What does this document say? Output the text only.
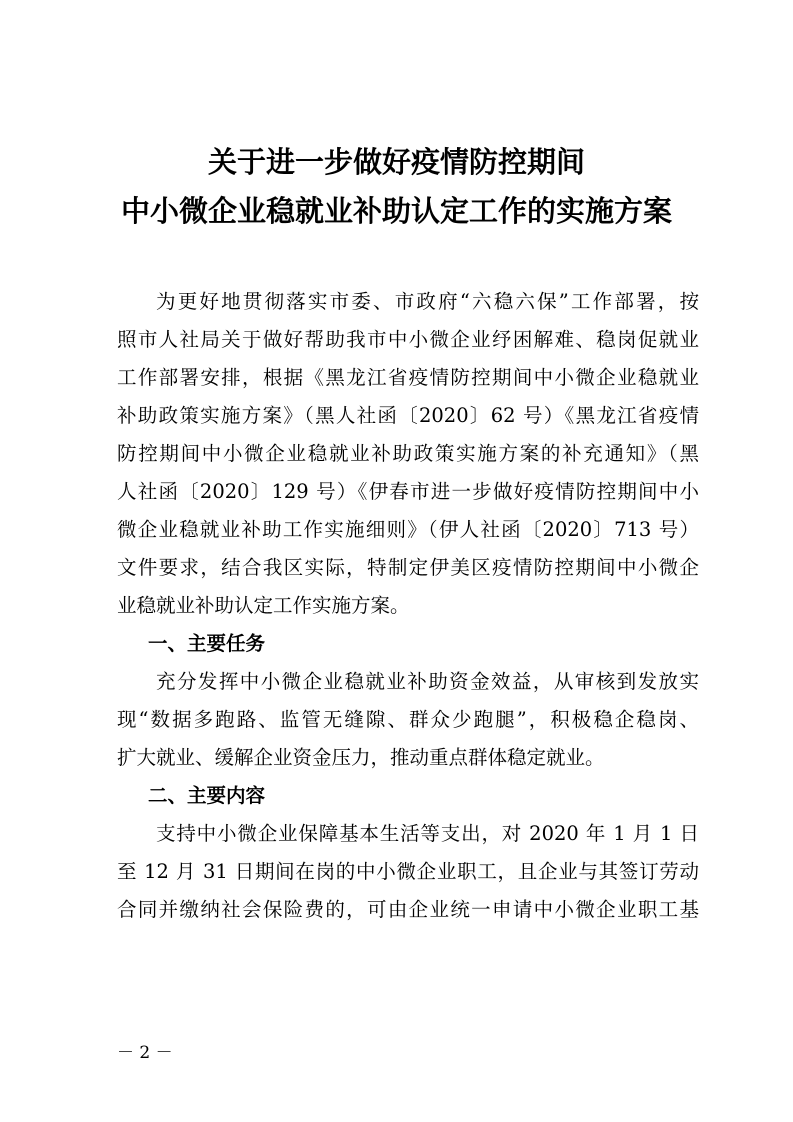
关于进一步做好疫情防控期间
中小微企业稳就业补助认定工作的实施方案
为更好地贯彻落实市委、市政府“六稳六保”工作部署，按
照市人社局关于做好帮助我市中小微企业纾困解难、稳岗促就业
工作部署安排，根据《黑龙江省疫情防控期间中小微企业稳就业
补助政策实施方案》（黑人社函〔2020〕62 号）《黑龙江省疫情
防控期间中小微企业稳就业补助政策实施方案的补充通知》（黑
人社函〔2020〕129 号）《伊春市进一步做好疫情防控期间中小
微企业稳就业补助工作实施细则》（伊人社函〔2020〕713 号）
文件要求，结合我区实际，特制定伊美区疫情防控期间中小微企
业稳就业补助认定工作实施方案。
一、主要任务
充分发挥中小微企业稳就业补助资金效益，从审核到发放实
现“数据多跑路、监管无缝隙、群众少跑腿”，积极稳企稳岗、
扩大就业、缓解企业资金压力，推动重点群体稳定就业。
二、主要内容
支持中小微企业保障基本生活等支出，对 2020 年 1 月 1 日
至 12 月 31 日期间在岗的中小微企业职工，且企业与其签订劳动
合同并缴纳社会保险费的，可由企业统一申请中小微企业职工基
－ 2 －
